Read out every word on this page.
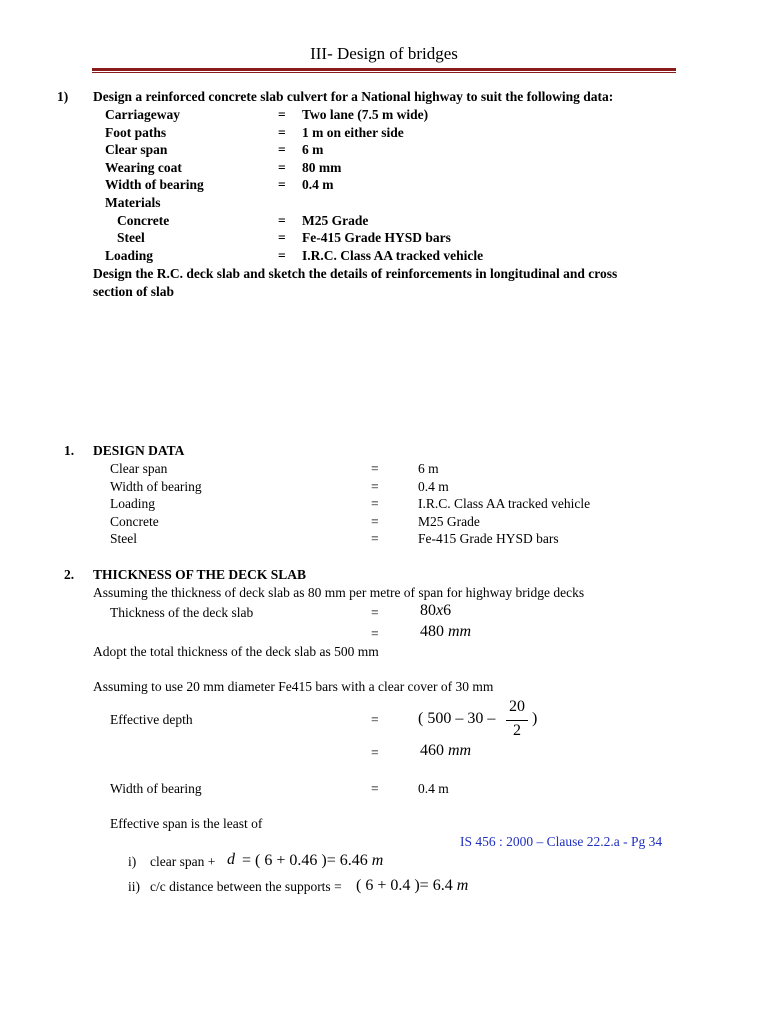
III- Design of bridges
1) Design a reinforced concrete slab culvert for a National highway to suit the following data:
Carriageway	= Two lane (7.5 m wide)
Foot paths	= 1 m on either side
Clear span	= 6 m
Wearing coat	= 80 mm
Width of bearing	= 0.4 m
Materials
Concrete	= M25 Grade
Steel	= Fe-415 Grade HYSD bars
Loading	= I.R.C. Class AA tracked vehicle
Design the R.C. deck slab and sketch the details of reinforcements in longitudinal and cross
section of slab
1. DESIGN DATA
Clear span	=	6 m
Width of bearing	=	0.4 m
Loading	=	I.R.C. Class AA tracked vehicle
Concrete	=	M25 Grade
Steel	=	Fe-415 Grade HYSD bars
2. THICKNESS OF THE DECK SLAB
Assuming the thickness of deck slab as 80 mm per metre of span for highway bridge decks
Thickness of the deck slab	=	80x6
=	480 mm
Adopt the total thickness of the deck slab as 500 mm
Assuming to use 20 mm diameter Fe415 bars with a clear cover of 30 mm
Effective depth	= ( 500 – 30 –
20
2
)
=	460 mm
Width of bearing	=	0.4 m
Effective span is the least of
IS 456 : 2000 – Clause 22.2.a - Pg 34
i) clear span + d = ( 6 + 0.46 )= 6.46 m
ii) c/c distance between the supports = ( 6 + 0.4 )= 6.4 m
